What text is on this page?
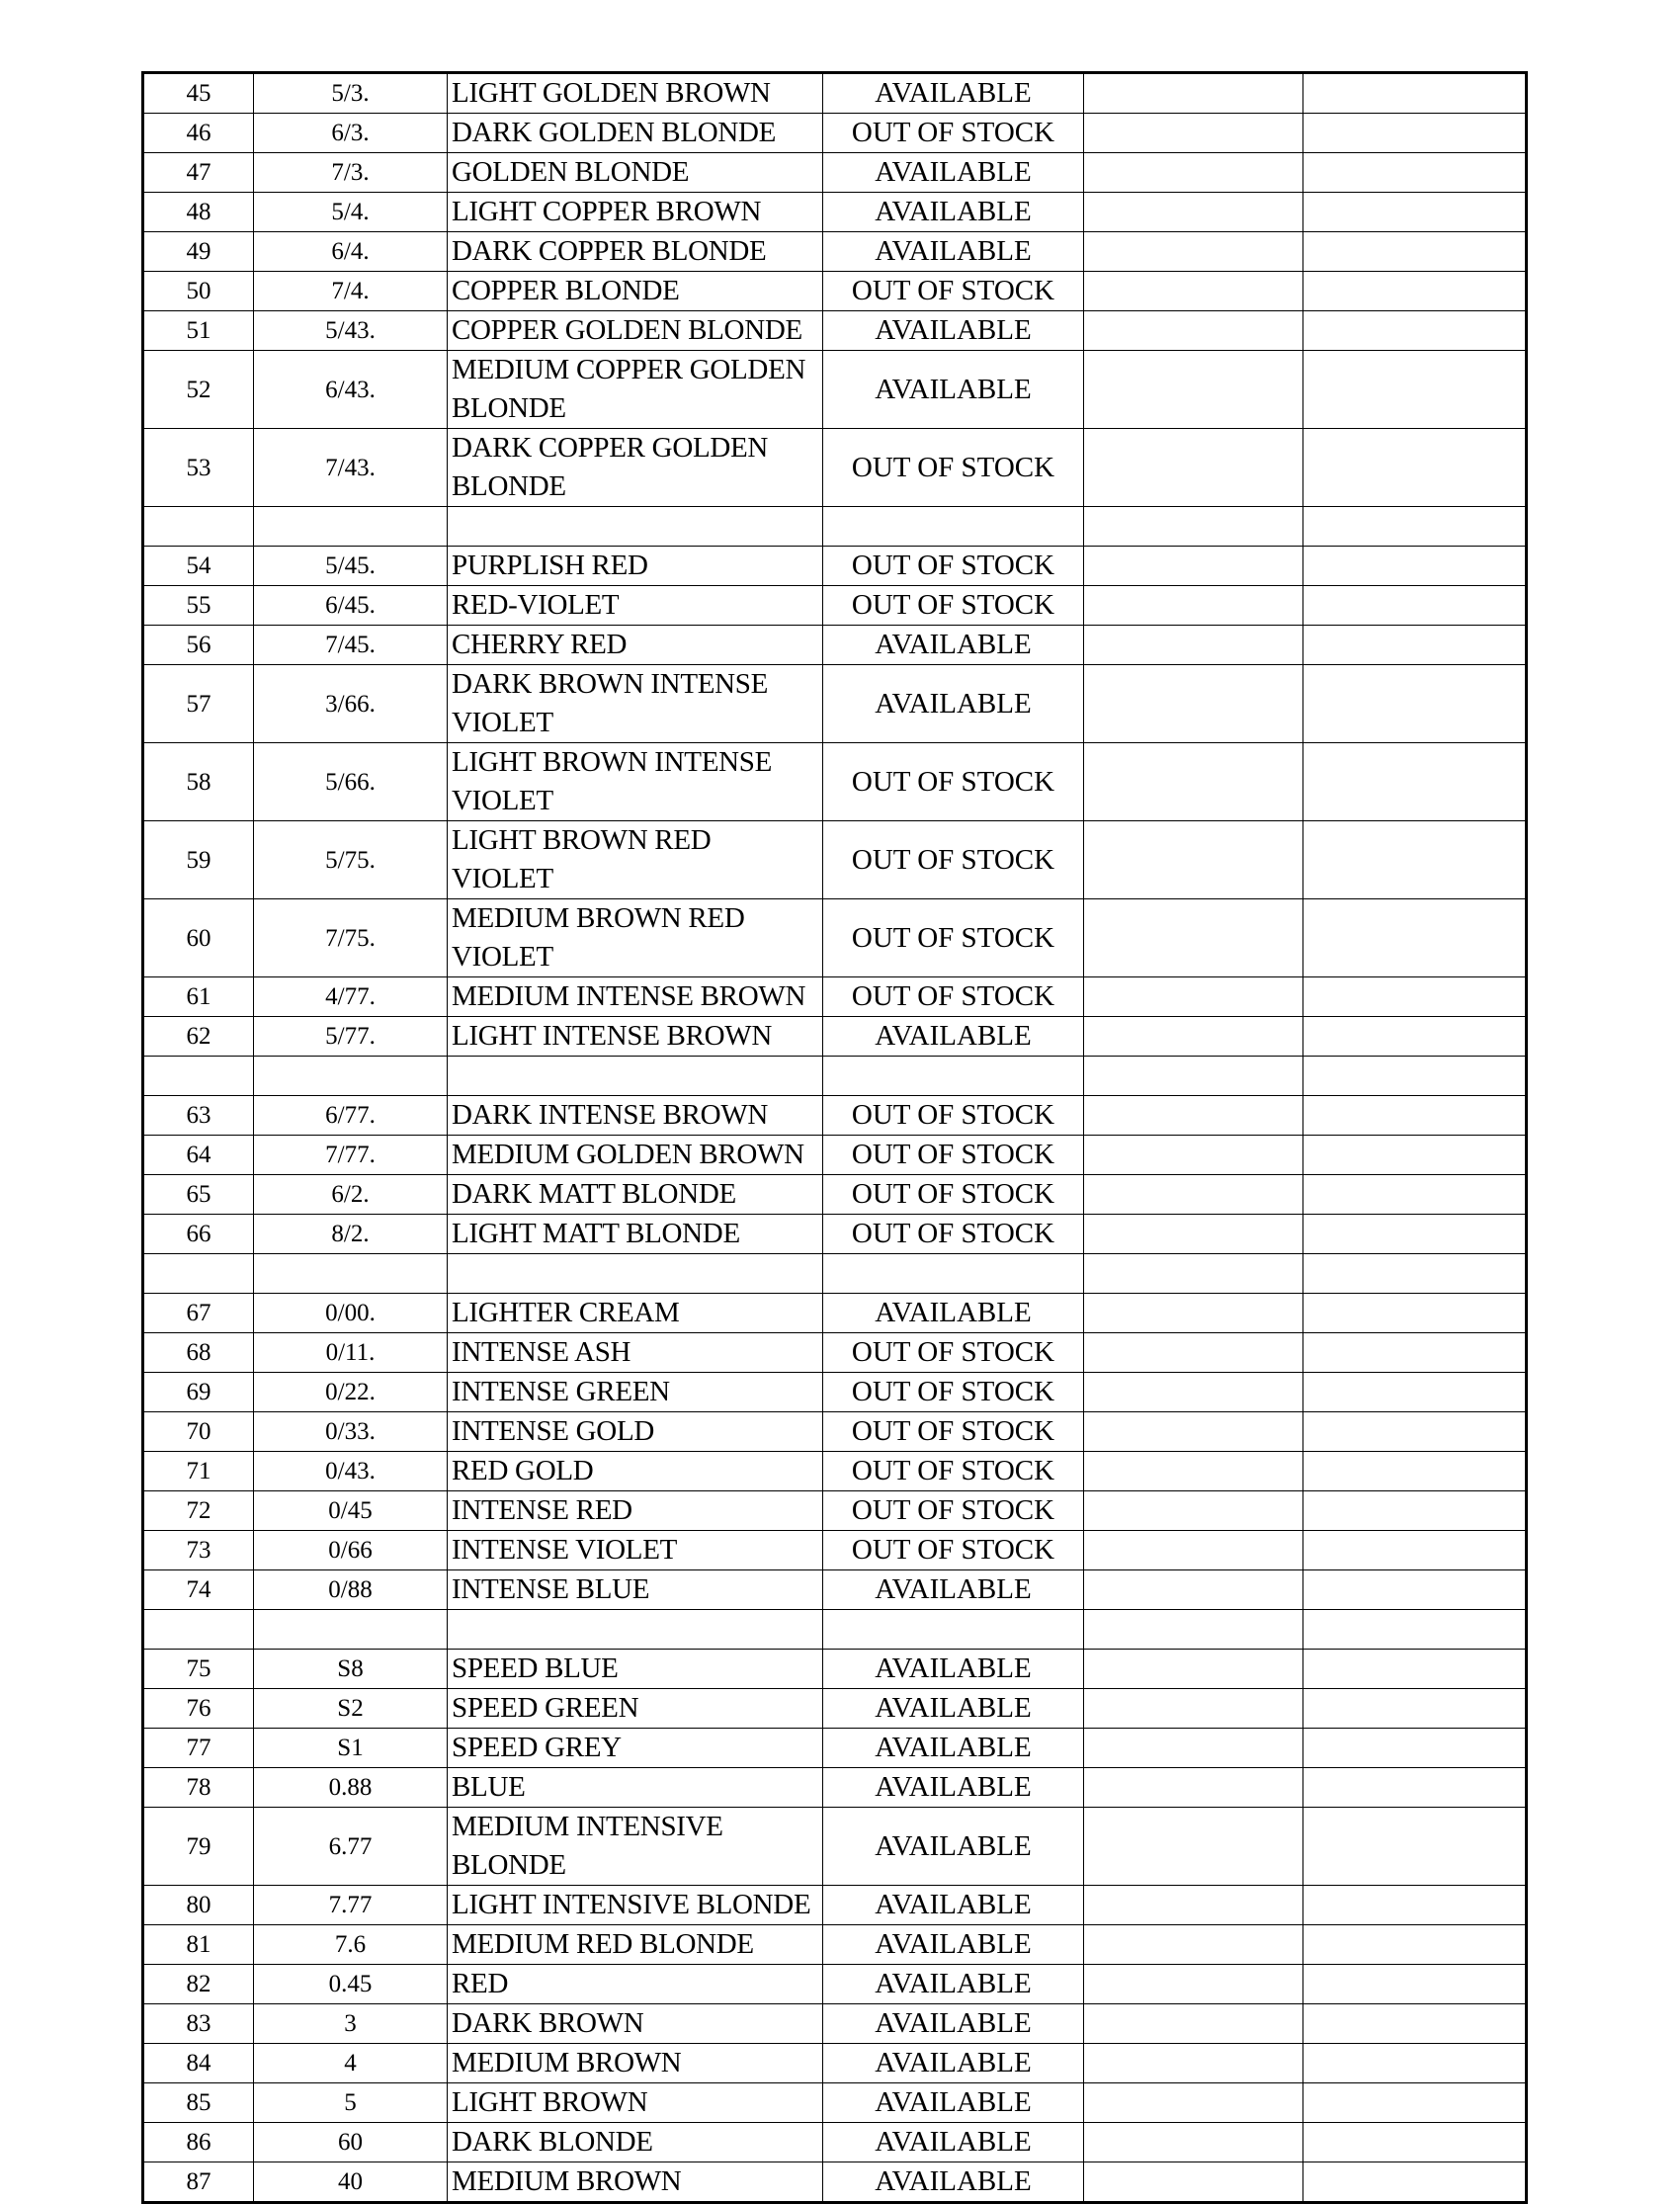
45	5/3.	LIGHT GOLDEN BROWN	AVAILABLE		
46	6/3.	DARK GOLDEN BLONDE	OUT OF STOCK		
47	7/3.	GOLDEN BLONDE	AVAILABLE		
48	5/4.	LIGHT COPPER BROWN	AVAILABLE		
49	6/4.	DARK COPPER BLONDE	AVAILABLE		
50	7/4.	COPPER BLONDE	OUT OF STOCK		
51	5/43.	COPPER GOLDEN BLONDE	AVAILABLE		
52	6/43.	MEDIUM COPPER GOLDEN BLONDE	AVAILABLE		
53	7/43.	DARK COPPER GOLDEN BLONDE	OUT OF STOCK		

54	5/45.	PURPLISH RED	OUT OF STOCK		
55	6/45.	RED-VIOLET	OUT OF STOCK		
56	7/45.	CHERRY RED	AVAILABLE		
57	3/66.	DARK BROWN INTENSE VIOLET	AVAILABLE		
58	5/66.	LIGHT BROWN INTENSE VIOLET	OUT OF STOCK		
59	5/75.	LIGHT BROWN RED VIOLET	OUT OF STOCK		
60	7/75.	MEDIUM BROWN RED VIOLET	OUT OF STOCK		
61	4/77.	MEDIUM INTENSE BROWN	OUT OF STOCK		
62	5/77.	LIGHT INTENSE BROWN	AVAILABLE		

63	6/77.	DARK INTENSE BROWN	OUT OF STOCK		
64	7/77.	MEDIUM GOLDEN BROWN	OUT OF STOCK		
65	6/2.	DARK MATT BLONDE	OUT OF STOCK		
66	8/2.	LIGHT MATT BLONDE	OUT OF STOCK		

67	0/00.	LIGHTER CREAM	AVAILABLE		
68	0/11.	INTENSE ASH	OUT OF STOCK		
69	0/22.	INTENSE GREEN	OUT OF STOCK		
70	0/33.	INTENSE GOLD	OUT OF STOCK		
71	0/43.	RED GOLD	OUT OF STOCK		
72	0/45	INTENSE RED	OUT OF STOCK		
73	0/66	INTENSE VIOLET	OUT OF STOCK		
74	0/88	INTENSE BLUE	AVAILABLE		

75	S8	SPEED BLUE	AVAILABLE		
76	S2	SPEED GREEN	AVAILABLE		
77	S1	SPEED GREY	AVAILABLE		
78	0.88	BLUE	AVAILABLE		
79	6.77	MEDIUM INTENSIVE BLONDE	AVAILABLE		
80	7.77	LIGHT INTENSIVE BLONDE	AVAILABLE		
81	7.6	MEDIUM RED BLONDE	AVAILABLE		
82	0.45	RED	AVAILABLE		
83	3	DARK BROWN	AVAILABLE		
84	4	MEDIUM BROWN	AVAILABLE		
85	5	LIGHT BROWN	AVAILABLE		
86	60	DARK BLONDE	AVAILABLE		
87	40	MEDIUM BROWN	AVAILABLE		
